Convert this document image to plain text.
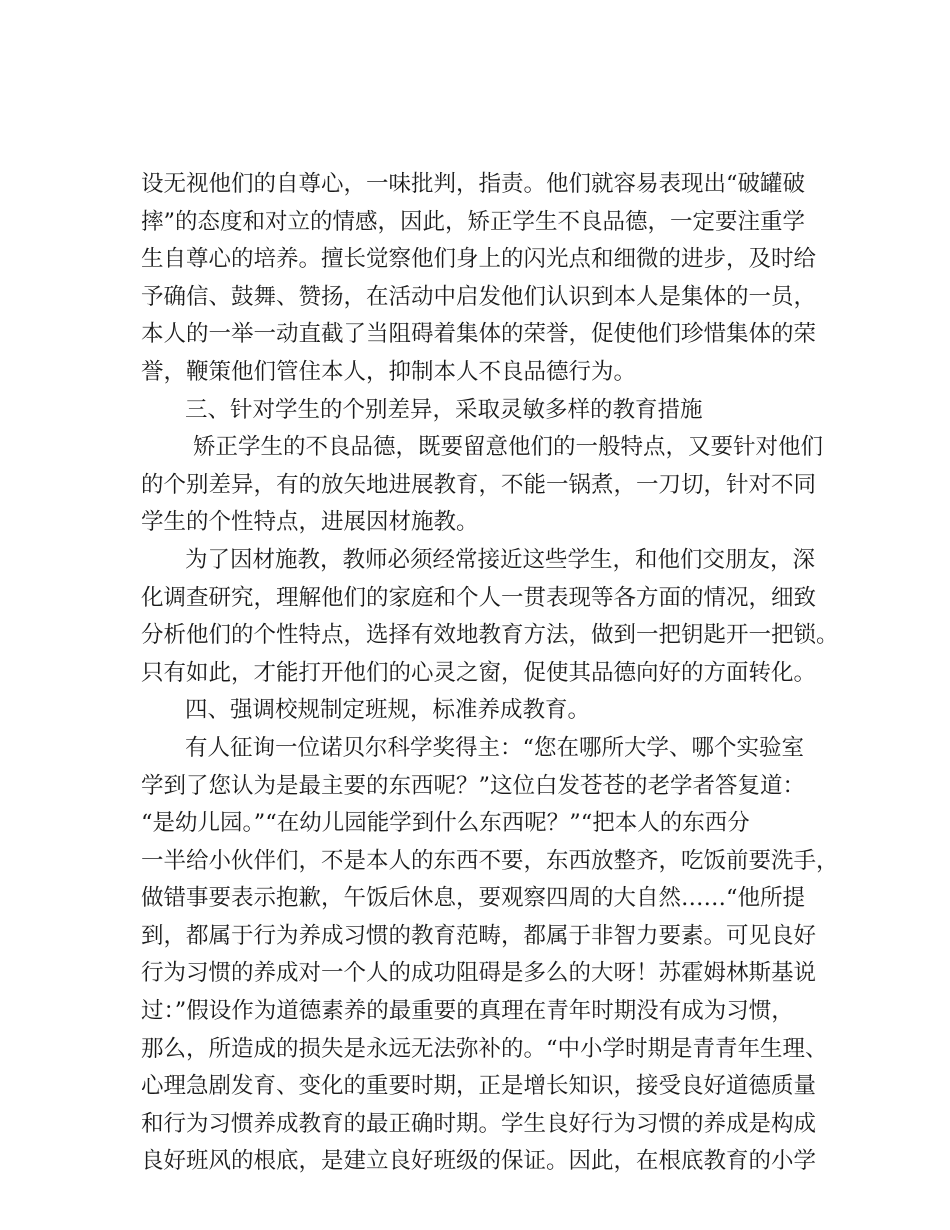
设无视他们的自尊心，一味批判，指责。他们就容易表现出“破罐破

摔”的态度和对立的情感，因此，矫正学生不良品德，一定要注重学

生自尊心的培养。擅长觉察他们身上的闪光点和细微的进步，及时给

予确信、鼓舞、赞扬，在活动中启发他们认识到本人是集体的一员，

本人的一举一动直截了当阻碍着集体的荣誉，促使他们珍惜集体的荣

誉，鞭策他们管住本人，抑制本人不良品德行为。

三、针对学生的个别差异，采取灵敏多样的教育措施

矫正学生的不良品德，既要留意他们的一般特点，又要针对他们

的个别差异，有的放矢地进展教育，不能一锅煮，一刀切，针对不同

学生的个性特点，进展因材施教。

为了因材施教，教师必须经常接近这些学生，和他们交朋友，深

化调查研究，理解他们的家庭和个人一贯表现等各方面的情况，细致

分析他们的个性特点，选择有效地教育方法，做到一把钥匙开一把锁。

只有如此，才能打开他们的心灵之窗，促使其品德向好的方面转化。

四、强调校规制定班规，标准养成教育。

有人征询一位诺贝尔科学奖得主：“您在哪所大学、哪个实验室

学到了您认为是最主要的东西呢？”这位白发苍苍的老学者答复道：

“是幼儿园。”“在幼儿园能学到什么东西呢？”“把本人的东西分

一半给小伙伴们，不是本人的东西不要，东西放整齐，吃饭前要洗手，

做错事要表示抱歉，午饭后休息，要观察四周的大自然……“他所提

到，都属于行为养成习惯的教育范畴，都属于非智力要素。可见良好

行为习惯的养成对一个人的成功阻碍是多么的大呀！苏霍姆林斯基说

过：”假设作为道德素养的最重要的真理在青年时期没有成为习惯，

那么，所造成的损失是永远无法弥补的。“中小学时期是青青年生理、

心理急剧发育、变化的重要时期，正是增长知识，接受良好道德质量

和行为习惯养成教育的最正确时期。学生良好行为习惯的养成是构成

良好班风的根底，是建立良好班级的保证。因此，在根底教育的小学
